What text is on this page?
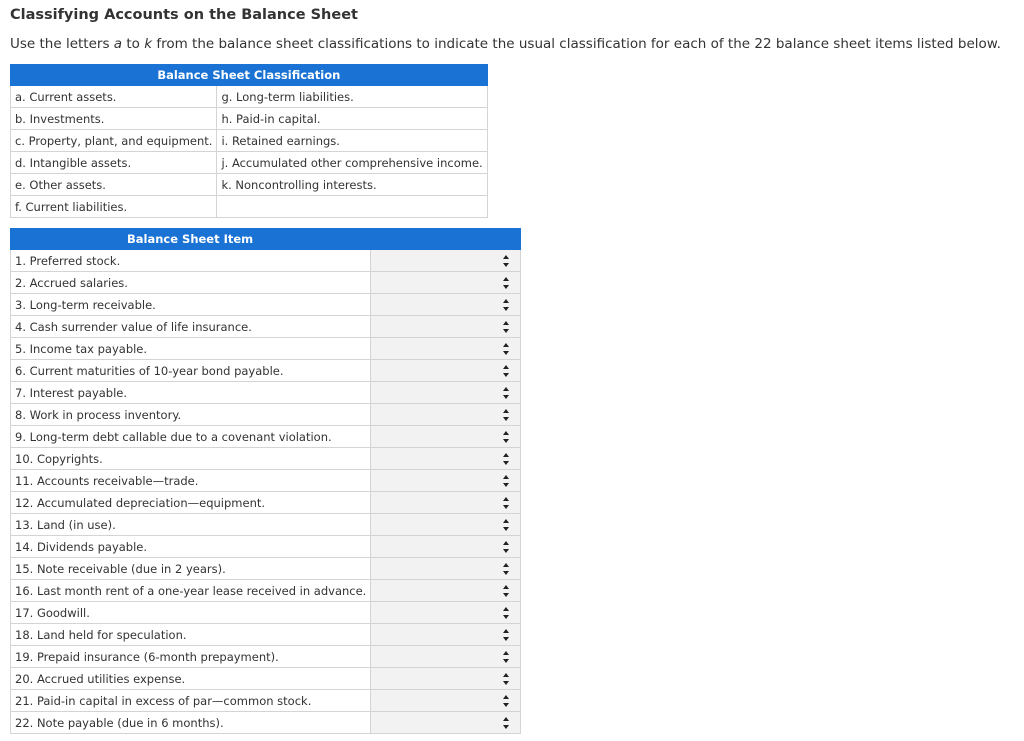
Classifying Accounts on the Balance Sheet

Use the letters a to k from the balance sheet classifications to indicate the usual classification for each of the 22 balance sheet items listed below.

Balance Sheet Classification	
a. Current assets.	g. Long-term liabilities.
b. Investments.	h. Paid-in capital.
c. Property, plant, and equipment.	i. Retained earnings.
d. Intangible assets.	j. Accumulated other comprehensive income.
e. Other assets.	k. Noncontrolling interests.
f. Current liabilities.	
Balance Sheet Item	
1. Preferred stock.	
2. Accrued salaries.	
3. Long-term receivable.	
4. Cash surrender value of life insurance.	
5. Income tax payable.	
6. Current maturities of 10-year bond payable.	
7. Interest payable.	
8. Work in process inventory.	
9. Long-term debt callable due to a covenant violation.	
10. Copyrights.	
11. Accounts receivable—trade.	
12. Accumulated depreciation—equipment.	
13. Land (in use).	
14. Dividends payable.	
15. Note receivable (due in 2 years).	
16. Last month rent of a one-year lease received in advance.	
17. Goodwill.	
18. Land held for speculation.	
19. Prepaid insurance (6-month prepayment).	
20. Accrued utilities expense.	
21. Paid-in capital in excess of par—common stock.	
22. Note payable (due in 6 months).	
